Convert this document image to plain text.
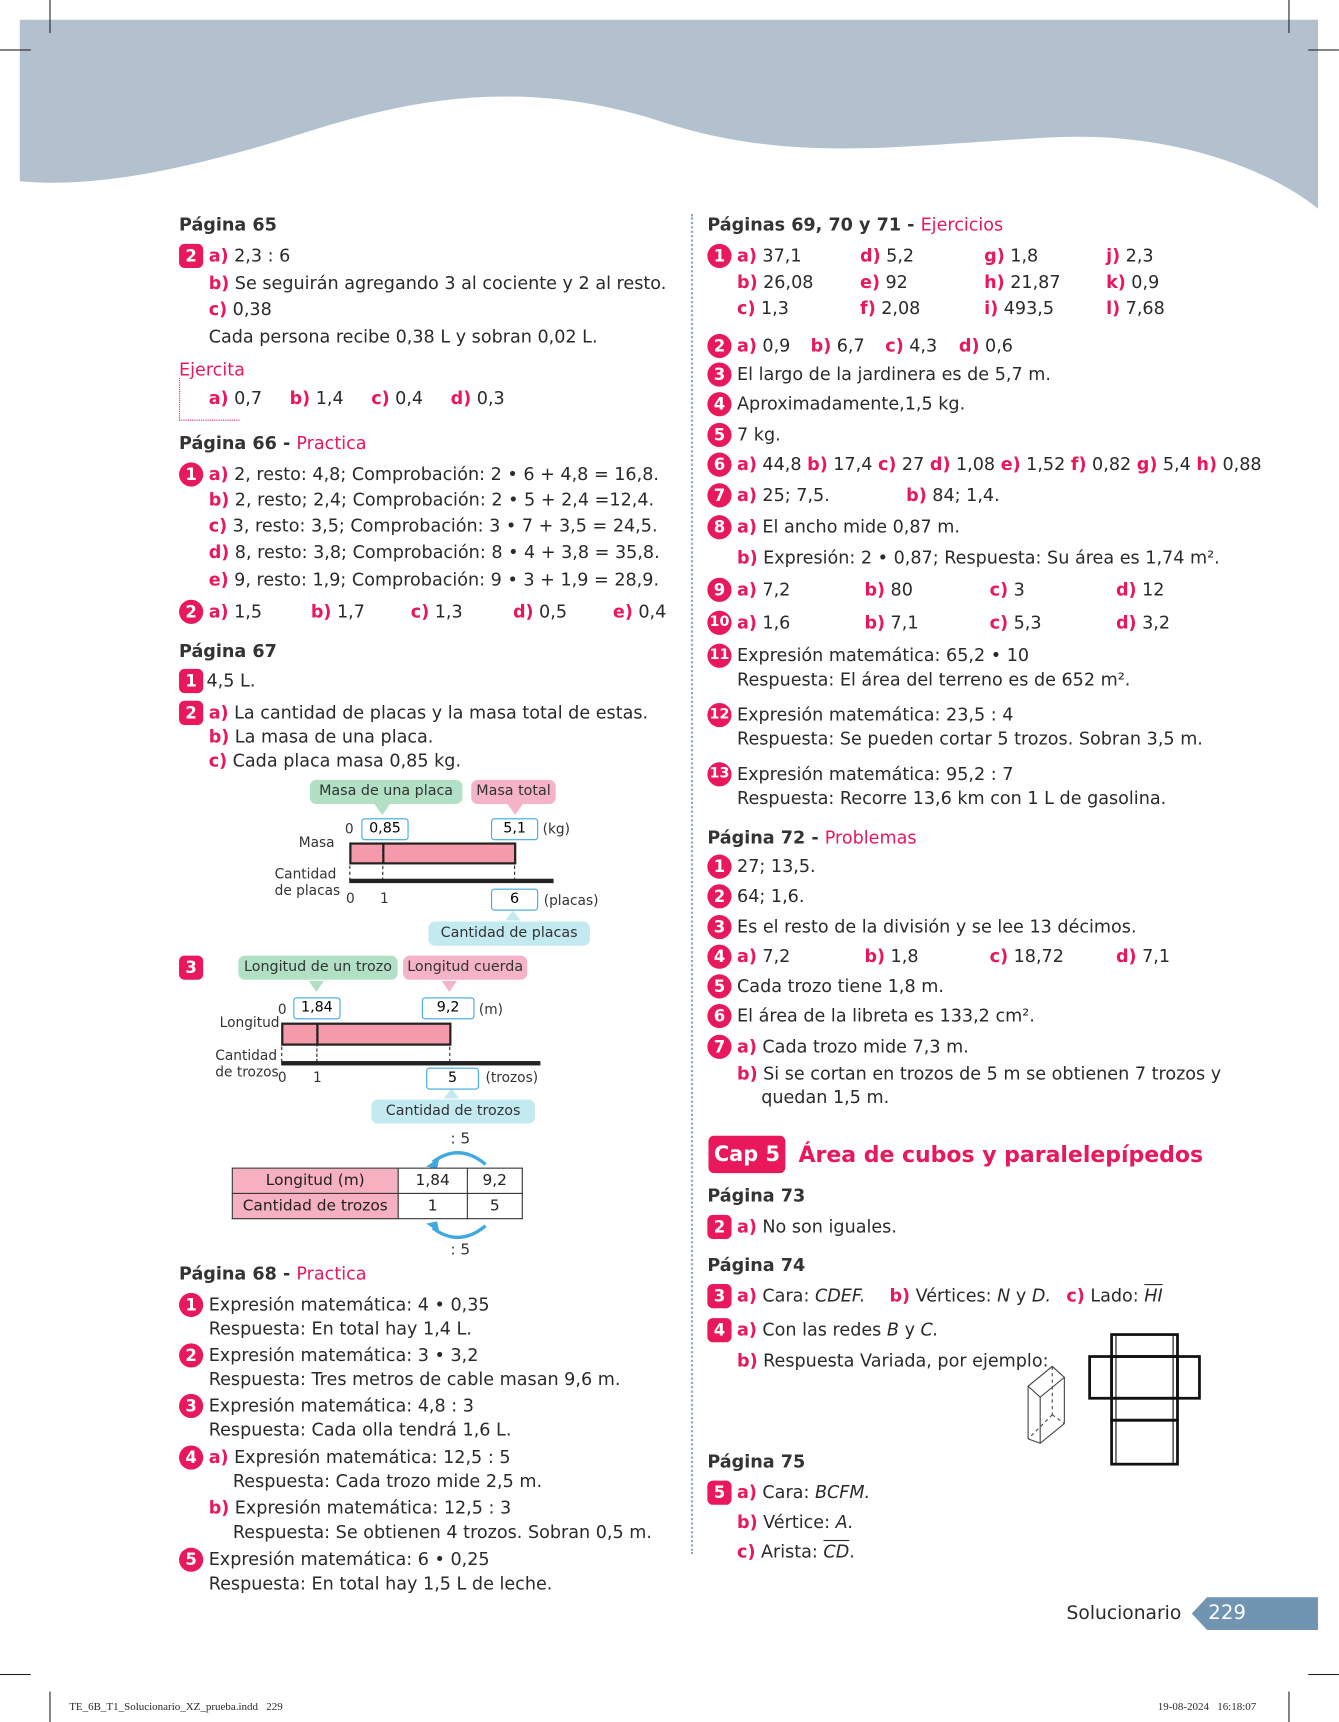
Página 65
2 a) 2,3 : 6
b) Se seguirán agregando 3 al cociente y 2 al resto.
c) 0,38
Cada persona recibe 0,38 L y sobran 0,02 L.
Ejercita
a) 0,7 b) 1,4 c) 0,4 d) 0,3
Página 66 - Practica
1 a) 2, resto: 4,8; Comprobación: 2 • 6 + 4,8 = 16,8.
b) 2, resto; 2,4; Comprobación: 2 • 5 + 2,4 =12,4.
c) 3, resto: 3,5; Comprobación: 3 • 7 + 3,5 = 24,5.
d) 8, resto: 3,8; Comprobación: 8 • 4 + 3,8 = 35,8.
e) 9, resto: 1,9; Comprobación: 9 • 3 + 1,9 = 28,9.
2 a) 1,5	b) 1,7	c) 1,3	d) 0,5	e) 0,4
Página 67
1 4,5 L.
2 a) La cantidad de placas y la masa total de estas.
b) La masa de una placa.
c) Cada placa masa 0,85 kg.
Masa de una placa	Masa total
0	0,85	5,1	(kg)
Masa
Cantidad
de placas 0 1	6	(placas)
Cantidad de placas
3	Longitud de un trozo	Longitud cuerda
0	1,84	9,2	(m)
Longitud
Cantidad
de trozos 0 1	5	(trozos)
Cantidad de trozos
: 5
Longitud (m)	1,84	9,2
Cantidad de trozos	1	5
: 5
Página 68 - Practica
1 Expresión matemática: 4 • 0,35
Respuesta: En total hay 1,4 L.
2 Expresión matemática: 3 • 3,2
Respuesta: Tres metros de cable masan 9,6 m.
3 Expresión matemática: 4,8 : 3
Respuesta: Cada olla tendrá 1,6 L.
4 a) Expresión matemática: 12,5 : 5
Respuesta: Cada trozo mide 2,5 m.
b) Expresión matemática: 12,5 : 3
Respuesta: Se obtienen 4 trozos. Sobran 0,5 m.
5 Expresión matemática: 6 • 0,25
Respuesta: En total hay 1,5 L de leche.
Páginas 69, 70 y 71 - Ejercicios
1 a) 37,1	d) 5,2	g) 1,8	j) 2,3
b) 26,08	e) 92	h) 21,87	k) 0,9
c) 1,3	f) 2,08	i) 493,5	l) 7,68
2 a) 0,9 b) 6,7 c) 4,3 d) 0,6
3 El largo de la jardinera es de 5,7 m.
4 Aproximadamente,1,5 kg.
5 7 kg.
6 a) 44,8 b) 17,4 c) 27 d) 1,08 e) 1,52 f) 0,82 g) 5,4 h) 0,88
7 a) 25; 7,5.	b) 84; 1,4.
8 a) El ancho mide 0,87 m.
b) Expresión: 2 • 0,87; Respuesta: Su área es 1,74 m².
9 a) 7,2	b) 80	c) 3	d) 12
10 a) 1,6	b) 7,1	c) 5,3	d) 3,2
11 Expresión matemática: 65,2 • 10
Respuesta: El área del terreno es de 652 m².
12 Expresión matemática: 23,5 : 4
Respuesta: Se pueden cortar 5 trozos. Sobran 3,5 m.
13 Expresión matemática: 95,2 : 7
Respuesta: Recorre 13,6 km con 1 L de gasolina.
Página 72 - Problemas
1 27; 13,5.
2 64; 1,6.
3 Es el resto de la división y se lee 13 décimos.
4 a) 7,2	b) 1,8	c) 18,72	d) 7,1
5 Cada trozo tiene 1,8 m.
6 El área de la libreta es 133,2 cm².
7 a) Cada trozo mide 7,3 m.
b) Si se cortan en trozos de 5 m se obtienen 7 trozos y
quedan 1,5 m.
Cap 5 Área de cubos y paralelepípedos
Página 73
2 a) No son iguales.
Página 74
3 a) Cara: CDEF. b) Vértices: N y D. c) Lado: $\overline{HI}$
4 a) Con las redes B y C.
b) Respuesta Variada, por ejemplo:
Página 75
5 a) Cara: BCFM.
b) Vértice: A.
c) Arista: $\overline{CD}$.
Solucionario 229
TE_6B_T1_Solucionario_XZ_prueba.indd   229	19-08-2024   16:18:07
